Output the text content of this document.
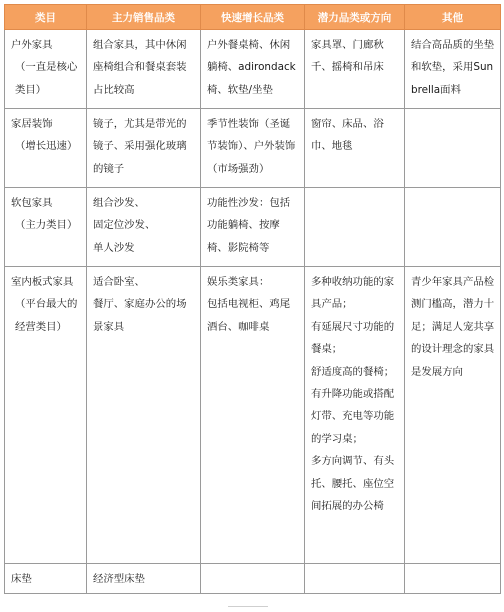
类目	主力销售品类	快速增长品类	潜力品类或方向	其他

户外家具
（一直是核心类目）	组合家具，其中休闲座椅组合和餐桌套装占比较高	户外餐桌椅、休闲躺椅、adirondack椅、软垫/坐垫	家具罩、门廊秋千、摇椅和吊床	结合高品质的坐垫和软垫，采用Sunbrella面料

家居装饰
（增长迅速）	镜子，尤其是带光的镜子、采用强化玻璃的镜子	季节性装饰（圣诞节装饰）、户外装饰（市场强劲）	窗帘、床品、浴巾、地毯	

软包家具
（主力类目）	组合沙发、
固定位沙发、
单人沙发	功能性沙发：包括功能躺椅、按摩椅、影院椅等		

室内板式家具
（平台最大的经营类目）	适合卧室、
餐厅、家庭办公的场景家具	娱乐类家具：
包括电视柜、鸡尾酒台、咖啡桌	多种收纳功能的家具产品；
有延展尺寸功能的餐桌；
舒适度高的餐椅；
有升降功能或搭配灯带、充电等功能的学习桌；
多方向调节、有头托、腰托、座位空间拓展的办公椅	青少年家具产品检测门槛高，潜力十足；满足人宠共享的设计理念的家具是发展方向

床垫	经济型床垫			
